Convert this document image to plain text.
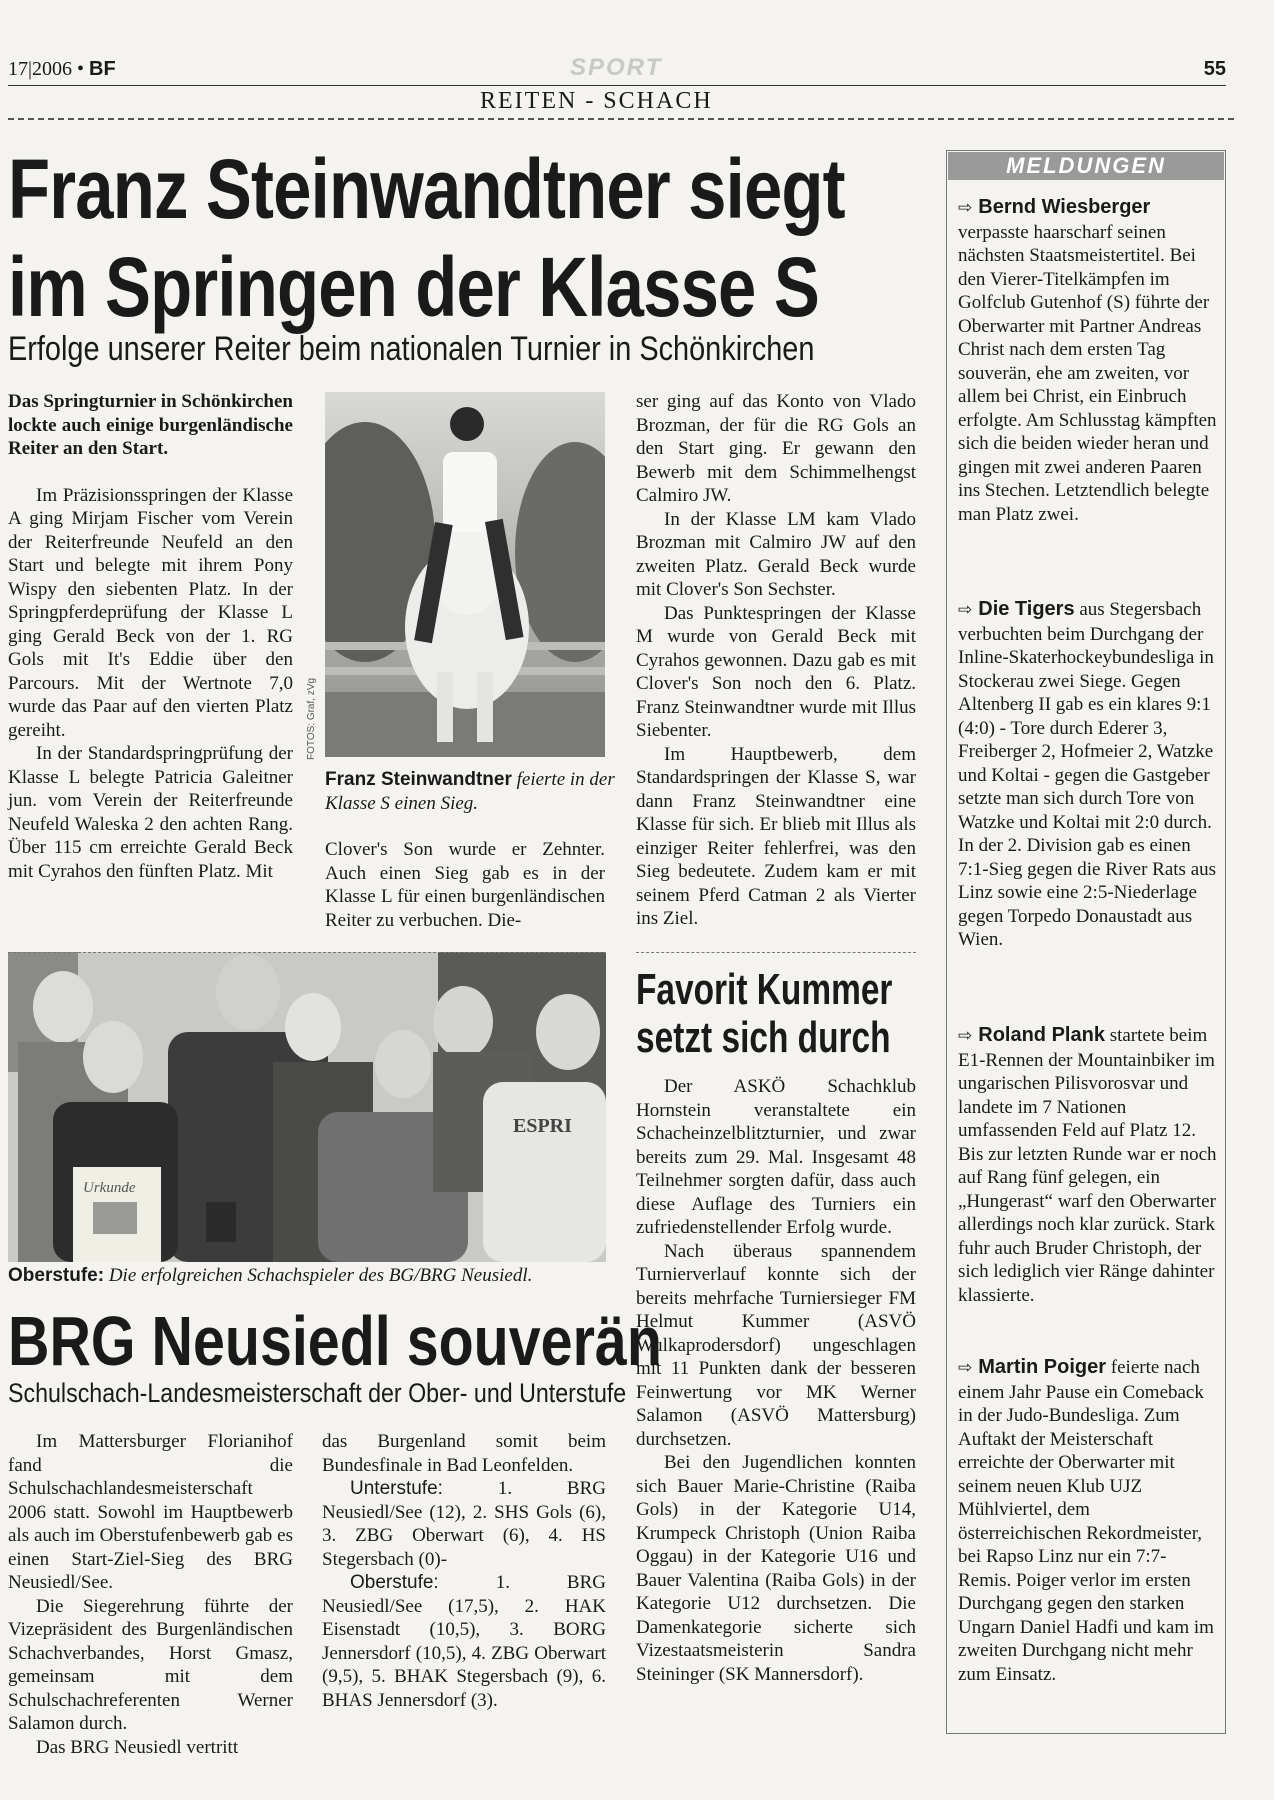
17|2006 • BF	SPORT	55
REITEN - SCHACH
Franz Steinwandtner siegt
im Springen der Klasse S
Erfolge unserer Reiter beim nationalen Turnier in Schönkirchen

Das Springturnier in Schönkirchen lockte auch einige burgenländische Reiter an den Start.

Im Präzisionsspringen der Klasse A ging Mirjam Fischer vom Verein der Reiterfreunde Neufeld an den Start und belegte mit ihrem Pony Wispy den siebenten Platz. In der Springpferdeprüfung der Klasse L ging Gerald Beck von der 1. RG Gols mit It's Eddie über den Parcours. Mit der Wertnote 7,0 wurde das Paar auf den vierten Platz gereiht.

In der Standardspringprüfung der Klasse L belegte Patricia Galeitner jun. vom Verein der Reiterfreunde Neufeld Waleska 2 den achten Rang. Über 115 cm erreichte Gerald Beck mit Cyrahos den fünften Platz. Mit

FOTOS: Graf, zVg
Franz Steinwandtner feierte in der Klasse S einen Sieg.

Clover's Son wurde er Zehnter. Auch einen Sieg gab es in der Klasse L für einen burgenländischen Reiter zu verbuchen. Die-

ser ging auf das Konto von Vlado Brozman, der für die RG Gols an den Start ging. Er gewann den Bewerb mit dem Schimmelhengst Calmiro JW.

In der Klasse LM kam Vlado Brozman mit Calmiro JW auf den zweiten Platz. Gerald Beck wurde mit Clover's Son Sechster.

Das Punktespringen der Klasse M wurde von Gerald Beck mit Cyrahos gewonnen. Dazu gab es mit Clover's Son noch den 6. Platz. Franz Steinwandtner wurde mit Illus Siebenter.

Im Hauptbewerb, dem Standardspringen der Klasse S, war dann Franz Steinwandtner eine Klasse für sich. Er blieb mit Illus als einziger Reiter fehlerfrei, was den Sieg bedeutete. Zudem kam er mit seinem Pferd Catman 2 als Vierter ins Ziel.

Urkunde
ESPRI
Oberstufe: Die erfolgreichen Schachspieler des BG/BRG Neusiedl.
BRG Neusiedl souverän
Schulschach-Landesmeisterschaft der Ober- und Unterstufe

Im Mattersburger Florianihof fand die Schulschachlandesmeisterschaft 2006 statt. Sowohl im Hauptbewerb als auch im Oberstufenbewerb gab es einen Start-Ziel-Sieg des BRG Neusiedl/See.

Die Siegerehrung führte der Vizepräsident des Burgenländischen Schachverbandes, Horst Gmasz, gemeinsam mit dem Schulschachreferenten Werner Salamon durch.

Das BRG Neusiedl vertritt

das Burgenland somit beim Bundesfinale in Bad Leonfelden.

Unterstufe:	1. BRG Neusiedl/See (12), 2. SHS Gols (6), 3. ZBG Oberwart (6), 4. HS Stegersbach (0)-

Oberstufe:	1. BRG Neusiedl/See (17,5), 2. HAK Eisenstadt (10,5), 3. BORG Jennersdorf (10,5), 4. ZBG Oberwart (9,5), 5. BHAK Stegersbach (9), 6. BHAS Jennersdorf (3).

Favorit Kummer
setzt sich durch

Der ASKÖ Schachklub Hornstein veranstaltete ein Schacheinzelblitzturnier, und zwar bereits zum 29. Mal. Insgesamt 48 Teilnehmer sorgten dafür, dass auch diese Auflage des Turniers ein zufriedenstellender Erfolg wurde.

Nach überaus spannendem Turnierverlauf konnte sich der bereits mehrfache Turniersieger FM Helmut Kummer (ASVÖ Wulkaprodersdorf) ungeschlagen mit 11 Punkten dank der besseren Feinwertung vor MK Werner Salamon (ASVÖ Mattersburg) durchsetzen.

Bei den Jugendlichen konnten sich Bauer Marie-Christine (Raiba Gols) in der Kategorie U14, Krumpeck Christoph (Union Raiba Oggau) in der Kategorie U16 und Bauer Valentina (Raiba Gols) in der Kategorie U12 durchsetzen. Die Damenkategorie sicherte sich Vizestaatsmeisterin Sandra Steininger (SK Mannersdorf).

MELDUNGEN
⇨ Bernd Wiesberger verpasste haarscharf seinen nächsten Staatsmeistertitel. Bei den Vierer-Titelkämpfen im Golfclub Gutenhof (S) führte der Oberwarter mit Partner Andreas Christ nach dem ersten Tag souverän, ehe am zweiten, vor allem bei Christ, ein Einbruch erfolgte. Am Schlusstag kämpften sich die beiden wieder heran und gingen mit zwei anderen Paaren ins Stechen. Letztendlich belegte man Platz zwei.
⇨ Die Tigers aus Stegersbach verbuchten beim Durchgang der Inline-Skaterhockeybundesliga in Stockerau zwei Siege. Gegen Altenberg II gab es ein klares 9:1 (4:0) - Tore durch Ederer 3, Freiberger 2, Hofmeier 2, Watzke und Koltai - gegen die Gastgeber setzte man sich durch Tore von Watzke und Koltai mit 2:0 durch. In der 2. Division gab es einen 7:1-Sieg gegen die River Rats aus Linz sowie eine 2:5-Niederlage gegen Torpedo Donaustadt aus Wien.
⇨ Roland Plank startete beim E1-Rennen der Mountainbiker im ungarischen Pilisvorosvar und landete im 7 Nationen umfassenden Feld auf Platz 12. Bis zur letzten Runde war er noch auf Rang fünf gelegen, ein „Hungerast“ warf den Oberwarter allerdings noch klar zurück. Stark fuhr auch Bruder Christoph, der sich lediglich vier Ränge dahinter klassierte.
⇨ Martin Poiger feierte nach einem Jahr Pause ein Comeback in der Judo-Bundesliga. Zum Auftakt der Meisterschaft erreichte der Oberwarter mit seinem neuen Klub UJZ Mühlviertel, dem österreichischen Rekordmeister, bei Rapso Linz nur ein 7:7-Remis. Poiger verlor im ersten Durchgang gegen den starken Ungarn Daniel Hadfi und kam im zweiten Durchgang nicht mehr zum Einsatz.
